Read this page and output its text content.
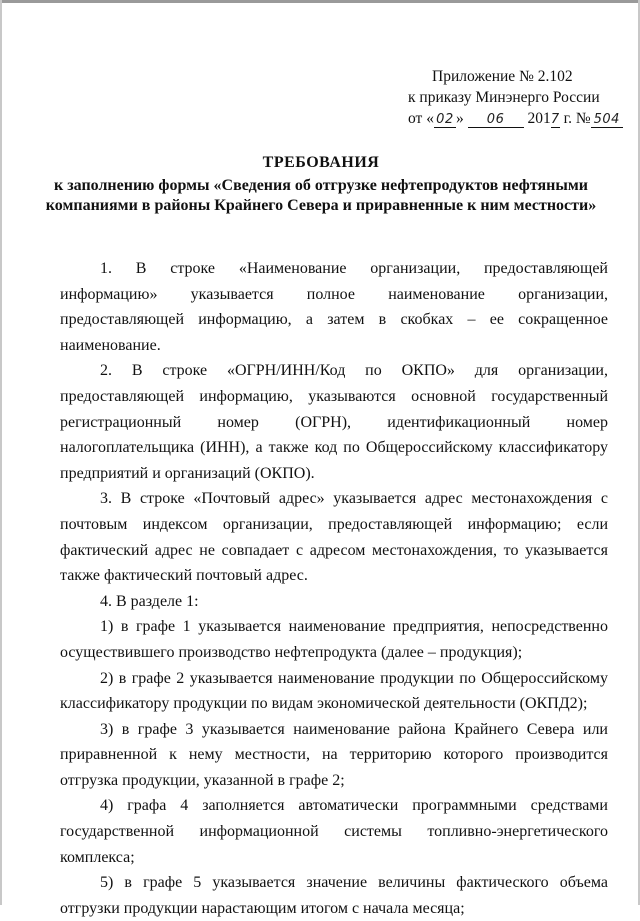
Приложение № 2.102
к приказу Минэнерго России
от « 02 » 06 2017 г. № 504
ТРЕБОВАНИЯ
к заполнению формы «Сведения об отгрузке нефтепродуктов нефтяными компаниями в районы Крайнего Севера и приравненные к ним местности»

1. В строке «Наименование организации, предоставляющей информацию» указывается полное наименование организации, предоставляющей информацию, а затем в скобках – ее сокращенное наименование.

2. В строке «ОГРН/ИНН/Код по ОКПО» для организации, предоставляющей информацию, указываются основной государственный регистрационный номер (ОГРН), идентификационный номер налогоплательщика (ИНН), а также код по Общероссийскому классификатору предприятий и организаций (ОКПО).

3. В строке «Почтовый адрес» указывается адрес местонахождения с почтовым индексом организации, предоставляющей информацию; если фактический адрес не совпадает с адресом местонахождения, то указывается также фактический почтовый адрес.

4. В разделе 1:

1) в графе 1 указывается наименование предприятия, непосредственно осуществившего производство нефтепродукта (далее – продукция);

2) в графе 2 указывается наименование продукции по Общероссийскому классификатору продукции по видам экономической деятельности (ОКПД2);

3) в графе 3 указывается наименование района Крайнего Севера или приравненной к нему местности, на территорию которого производится отгрузка продукции, указанной в графе 2;

4) графа 4 заполняется автоматически программными средствами государственной информационной системы топливно-энергетического комплекса;

5) в графе 5 указывается значение величины фактического объема отгрузки продукции нарастающим итогом с начала месяца;
